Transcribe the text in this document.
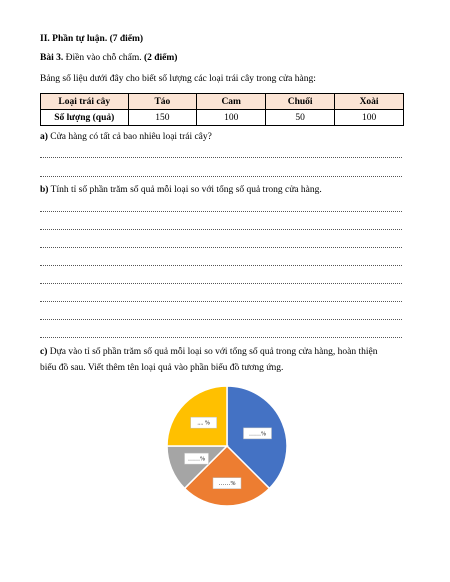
II. Phần tự luận. (7 điểm)
Bài 3. Điền vào chỗ chấm. (2 điểm)
Bảng số liệu dưới đây cho biết số lượng các loại trái cây trong cửa hàng:
Loại trái cây	Táo	Cam	Chuối	Xoài
Số lượng (quả)	150	100	50	100
a) Cửa hàng có tất cả bao nhiêu loại trái cây?
b) Tính tỉ số phần trăm số quả mỗi loại so với tổng số quả trong cửa hàng.
c) Dựa vào tỉ số phần trăm số quả mỗi loại so với tổng số quả trong cửa hàng, hoàn thiện
biểu đồ sau. Viết thêm tên loại quả vào phần biểu đồ tương ứng.
……%
……%
……%
.... %
